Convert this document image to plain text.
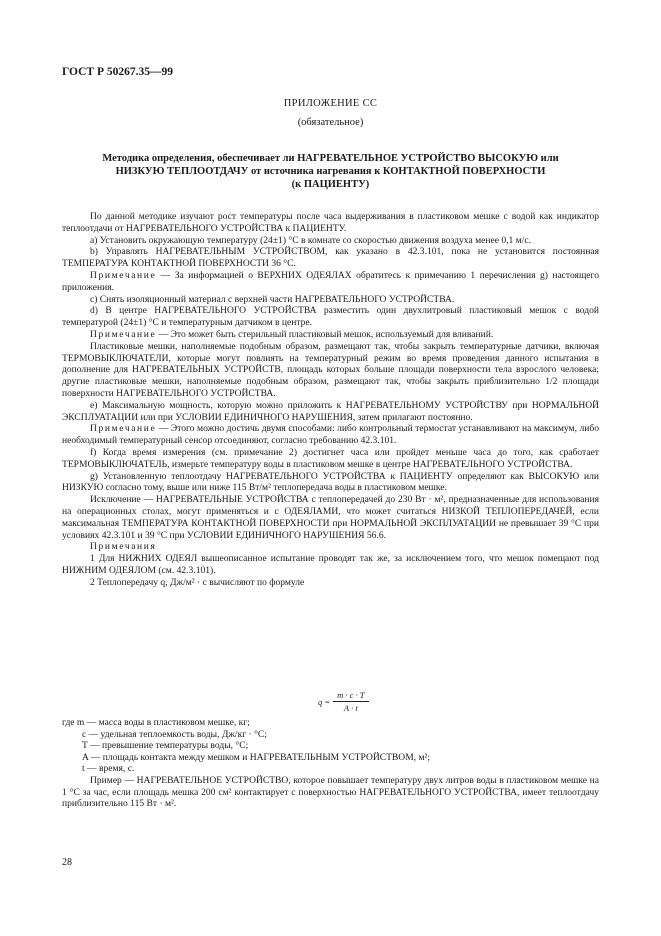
ГОСТ Р 50267.35—99
ПРИЛОЖЕНИЕ СС
(обязательное)
Методика определения, обеспечивает ли НАГРЕВАТЕЛЬНОЕ УСТРОЙСТВО ВЫСОКУЮ или
НИЗКУЮ ТЕПЛООТДАЧУ от источника нагревания к КОНТАКТНОЙ ПОВЕРХНОСТИ
(к ПАЦИЕНТУ)

По данной методике изучают рост температуры после часа выдерживания в пластиковом мешке с водой как индикатор теплоотдачи от НАГРЕВАТЕЛЬНОГО УСТРОЙСТВА к ПАЦИЕНТУ.

а) Установить окружающую температуру (24±1) °С в комнате со скоростью движения воздуха менее 0,1 м/с.

b) Управлять НАГРЕВАТЕЛЬНЫМ УСТРОЙСТВОМ, как указано в 42.3.101, пока не установится постоянная ТЕМПЕРАТУРА КОНТАКТНОЙ ПОВЕРХНОСТИ 36 °С.

Примечание — За информацией о ВЕРХНИХ ОДЕЯЛАХ обратитесь к примечанию 1 перечисления g) настоящего приложения.

с) Снять изоляционный материал с верхней части НАГРЕВАТЕЛЬНОГО УСТРОЙСТВА.

d) В центре НАГРЕВАТЕЛЬНОГО УСТРОЙСТВА разместить один двухлитровый пластиковый мешок с водой температурой (24±1) °С и температурным датчиком в центре.

Примечание — Это может быть стерильный пластиковый мешок, используемый для вливаний.

Пластиковые мешки, наполняемые подобным образом, размещают так, чтобы закрыть температурные датчики, включая ТЕРМОВЫКЛЮЧАТЕЛИ, которые могут повлиять на температурный режим во время проведения данного испытания в дополнение для НАГРЕВАТЕЛЬНЫХ УСТРОЙСТВ, площадь которых больше площади поверхности тела взрослого человека; другие пластиковые мешки, наполняемые подобным образом, размещают так, чтобы закрыть приблизительно 1/2 площади поверхности НАГРЕВАТЕЛЬНОГО УСТРОЙСТВА.

е) Максимальную мощность, которую можно приложить к НАГРЕВАТЕЛЬНОМУ УСТРОЙСТВУ при НОРМАЛЬНОЙ ЭКСПЛУАТАЦИИ или при УСЛОВИИ ЕДИНИЧНОГО НАРУШЕНИЯ, затем прилагают постоянно.

Примечание — Этого можно достичь двумя способами: либо контрольный термостат устанавливают на максимум, либо необходимый температурный сенсор отсоединяют, согласно требованию 42.3.101.

f) Когда время измерения (см. примечание 2) достигнет часа или пройдет меньше часа до того, как сработает ТЕРМОВЫКЛЮЧАТЕЛЬ, измерьте температуру воды в пластиковом мешке в центре НАГРЕВАТЕЛЬНОГО УСТРОЙСТВА.

g) Установленную теплоотдачу НАГРЕВАТЕЛЬНОГО УСТРОЙСТВА к ПАЦИЕНТУ определяют как ВЫСОКУЮ или НИЗКУЮ согласно тому, выше или ниже 115 Вт/м² теплопередача воды в пластиковом мешке.

Исключение — НАГРЕВАТЕЛЬНЫЕ УСТРОЙСТВА с теплопередачей до 230 Вт · м², предназначенные для использования на операционных столах, могут применяться и с ОДЕЯЛАМИ, что может считаться НИЗКОЙ ТЕПЛОПЕРЕДАЧЕЙ, если максимальная ТЕМПЕРАТУРА КОНТАКТНОЙ ПОВЕРХНОСТИ при НОРМАЛЬНОЙ ЭКСПЛУАТАЦИИ не превышает 39 °С при условиях 42.3.101 и 39 °С при УСЛОВИИ ЕДИНИЧНОГО НАРУШЕНИЯ 56.6.

Примечания

1 Для НИЖНИХ ОДЕЯЛ вышеописанное испытание проводят так же, за исключением того, что мешок помещают под НИЖНИМ ОДЕЯЛОМ (см. 42.3.101).

2 Теплопередачу q, Дж/м² · с вычисляют по формуле

$q = \frac{m \cdot c \cdot T}{A \cdot t}$

где m — масса воды в пластиковом мешке, кг;

с — удельная теплоемкость воды, Дж/кг · °С;

T — превышение температуры воды, °С;

A — площадь контакта между мешком и НАГРЕВАТЕЛЬНЫМ УСТРОЙСТВОМ, м²;

t — время, с.

Пример — НАГРЕВАТЕЛЬНОЕ УСТРОЙСТВО, которое повышает температуру двух литров воды в пластиковом мешке на 1 °С за час, если площадь мешка 200 см² контактирует с поверхностью НАГРЕВАТЕЛЬНОГО УСТРОЙСТВА, имеет теплоотдачу приблизительно 115 Вт · м².

28
